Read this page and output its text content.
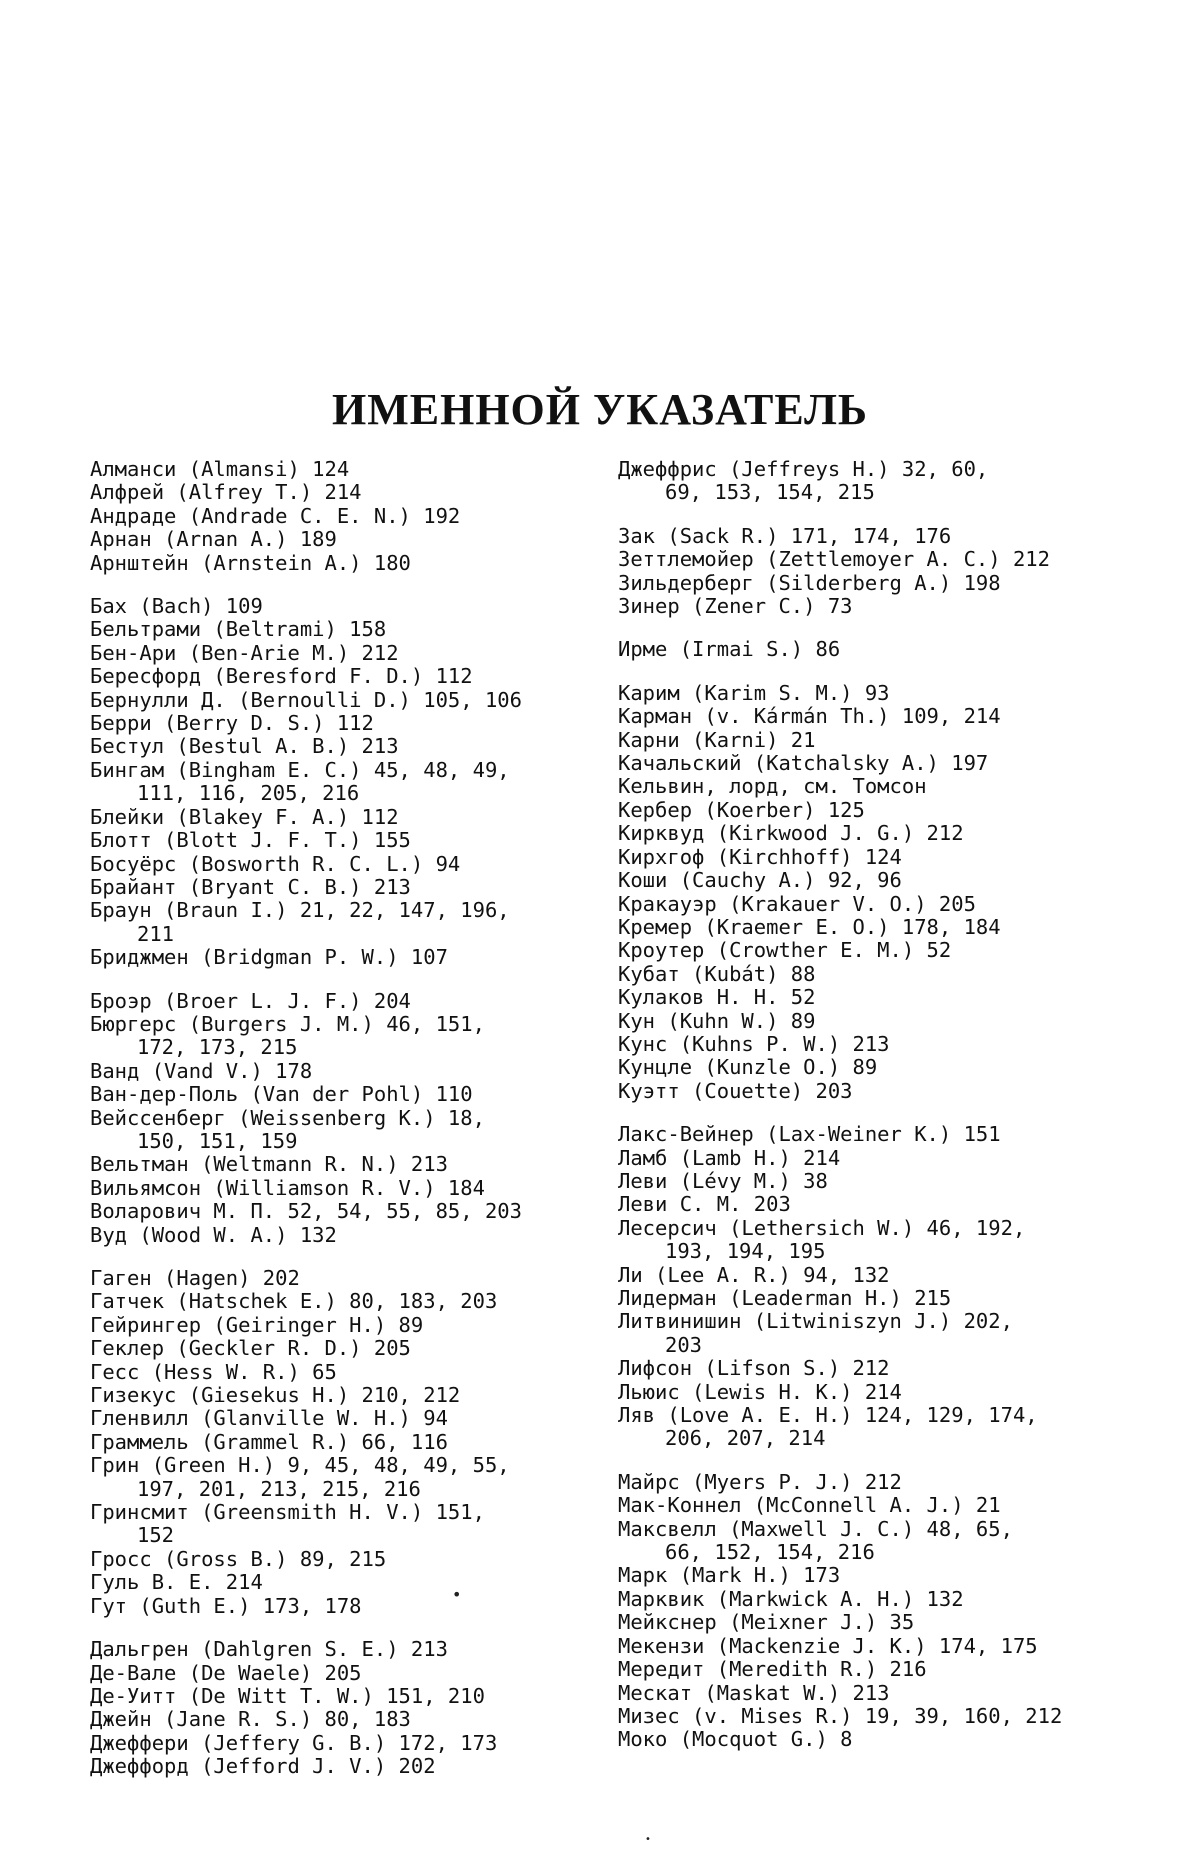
ИМЕННОЙ УКАЗАТЕЛЬ
Алманси (Almansi) 124
Алфрей (Alfrey T.) 214
Андраде (Andrade C. E. N.) 192
Арнан (Arnan A.) 189
Арнштейн (Arnstein A.) 180
Бах (Bach) 109
Бельтрами (Beltrami) 158
Бен-Ари (Ben-Arie M.) 212
Бересфорд (Beresford F. D.) 112
Бернулли Д. (Bernoulli D.) 105, 106
Берри (Berry D. S.) 112
Бестул (Bestul A. B.) 213
Бингам (Bingham E. C.) 45, 48, 49,
111, 116, 205, 216
Блейки (Blakey F. A.) 112
Блотт (Blott J. F. T.) 155
Босуёрс (Bosworth R. C. L.) 94
Брайант (Bryant C. B.) 213
Браун (Braun I.) 21, 22, 147, 196,
211
Бриджмен (Bridgman P. W.) 107
Броэр (Broer L. J. F.) 204
Бюргерс (Burgers J. M.) 46, 151,
172, 173, 215
Ванд (Vand V.) 178
Ван-дер-Поль (Van der Pohl) 110
Вейссенберг (Weissenberg K.) 18,
150, 151, 159
Вельтман (Weltmann R. N.) 213
Вильямсон (Williamson R. V.) 184
Воларович М. П. 52, 54, 55, 85, 203
Вуд (Wood W. A.) 132
Гаген (Hagen) 202
Гатчек (Hatschek E.) 80, 183, 203
Гейрингер (Geiringer H.) 89
Геклер (Geckler R. D.) 205
Гесс (Hess W. R.) 65
Гизекус (Giesekus H.) 210, 212
Гленвилл (Glanville W. H.) 94
Граммель (Grammel R.) 66, 116
Грин (Green H.) 9, 45, 48, 49, 55,
197, 201, 213, 215, 216
Гринсмит (Greensmith H. V.) 151,
152
Гросс (Gross B.) 89, 215
Гуль В. Е. 214
Гут (Guth E.) 173, 178
Дальгрен (Dahlgren S. E.) 213
Де-Вале (De Waele) 205
Де-Уитт (De Witt T. W.) 151, 210
Джейн (Jane R. S.) 80, 183
Джеффери (Jeffery G. B.) 172, 173
Джеффорд (Jefford J. V.) 202
Джеффрис (Jeffreys H.) 32, 60,
69, 153, 154, 215
Зак (Sack R.) 171, 174, 176
Зеттлемойер (Zettlemoyer A. C.) 212
Зильдерберг (Silderberg A.) 198
Зинер (Zener C.) 73
Ирме (Irmai S.) 86
Карим (Karim S. M.) 93
Карман (v. Kármán Th.) 109, 214
Карни (Karni) 21
Качальский (Katchalsky A.) 197
Кельвин, лорд, см. Томсон
Кербер (Koerber) 125
Кирквуд (Kirkwood J. G.) 212
Кирхгоф (Kirchhoff) 124
Коши (Cauchy A.) 92, 96
Кракауэр (Krakauer V. O.) 205
Кремер (Kraemer E. O.) 178, 184
Кроутер (Crowther E. M.) 52
Кубат (Kubát) 88
Кулаков Н. Н. 52
Кун (Kuhn W.) 89
Кунс (Kuhns P. W.) 213
Кунцле (Kunzle O.) 89
Куэтт (Couette) 203
Лакс-Вейнер (Lax-Weiner K.) 151
Ламб (Lamb H.) 214
Леви (Lévy M.) 38
Леви С. М. 203
Лесерсич (Lethersich W.) 46, 192,
193, 194, 195
Ли (Lee A. R.) 94, 132
Лидерман (Leaderman H.) 215
Литвинишин (Litwiniszyn J.) 202,
203
Лифсон (Lifson S.) 212
Льюис (Lewis H. K.) 214
Ляв (Love A. E. H.) 124, 129, 174,
206, 207, 214
Майрс (Myers P. J.) 212
Мак-Коннел (McConnell A. J.) 21
Максвелл (Maxwell J. C.) 48, 65,
66, 152, 154, 216
Марк (Mark H.) 173
Марквик (Markwick A. H.) 132
Мейкснер (Meixner J.) 35
Мекензи (Mackenzie J. K.) 174, 175
Мередит (Meredith R.) 216
Мескат (Maskat W.) 213
Мизес (v. Mises R.) 19, 39, 160, 212
Моко (Mocquot G.) 8
•
•
